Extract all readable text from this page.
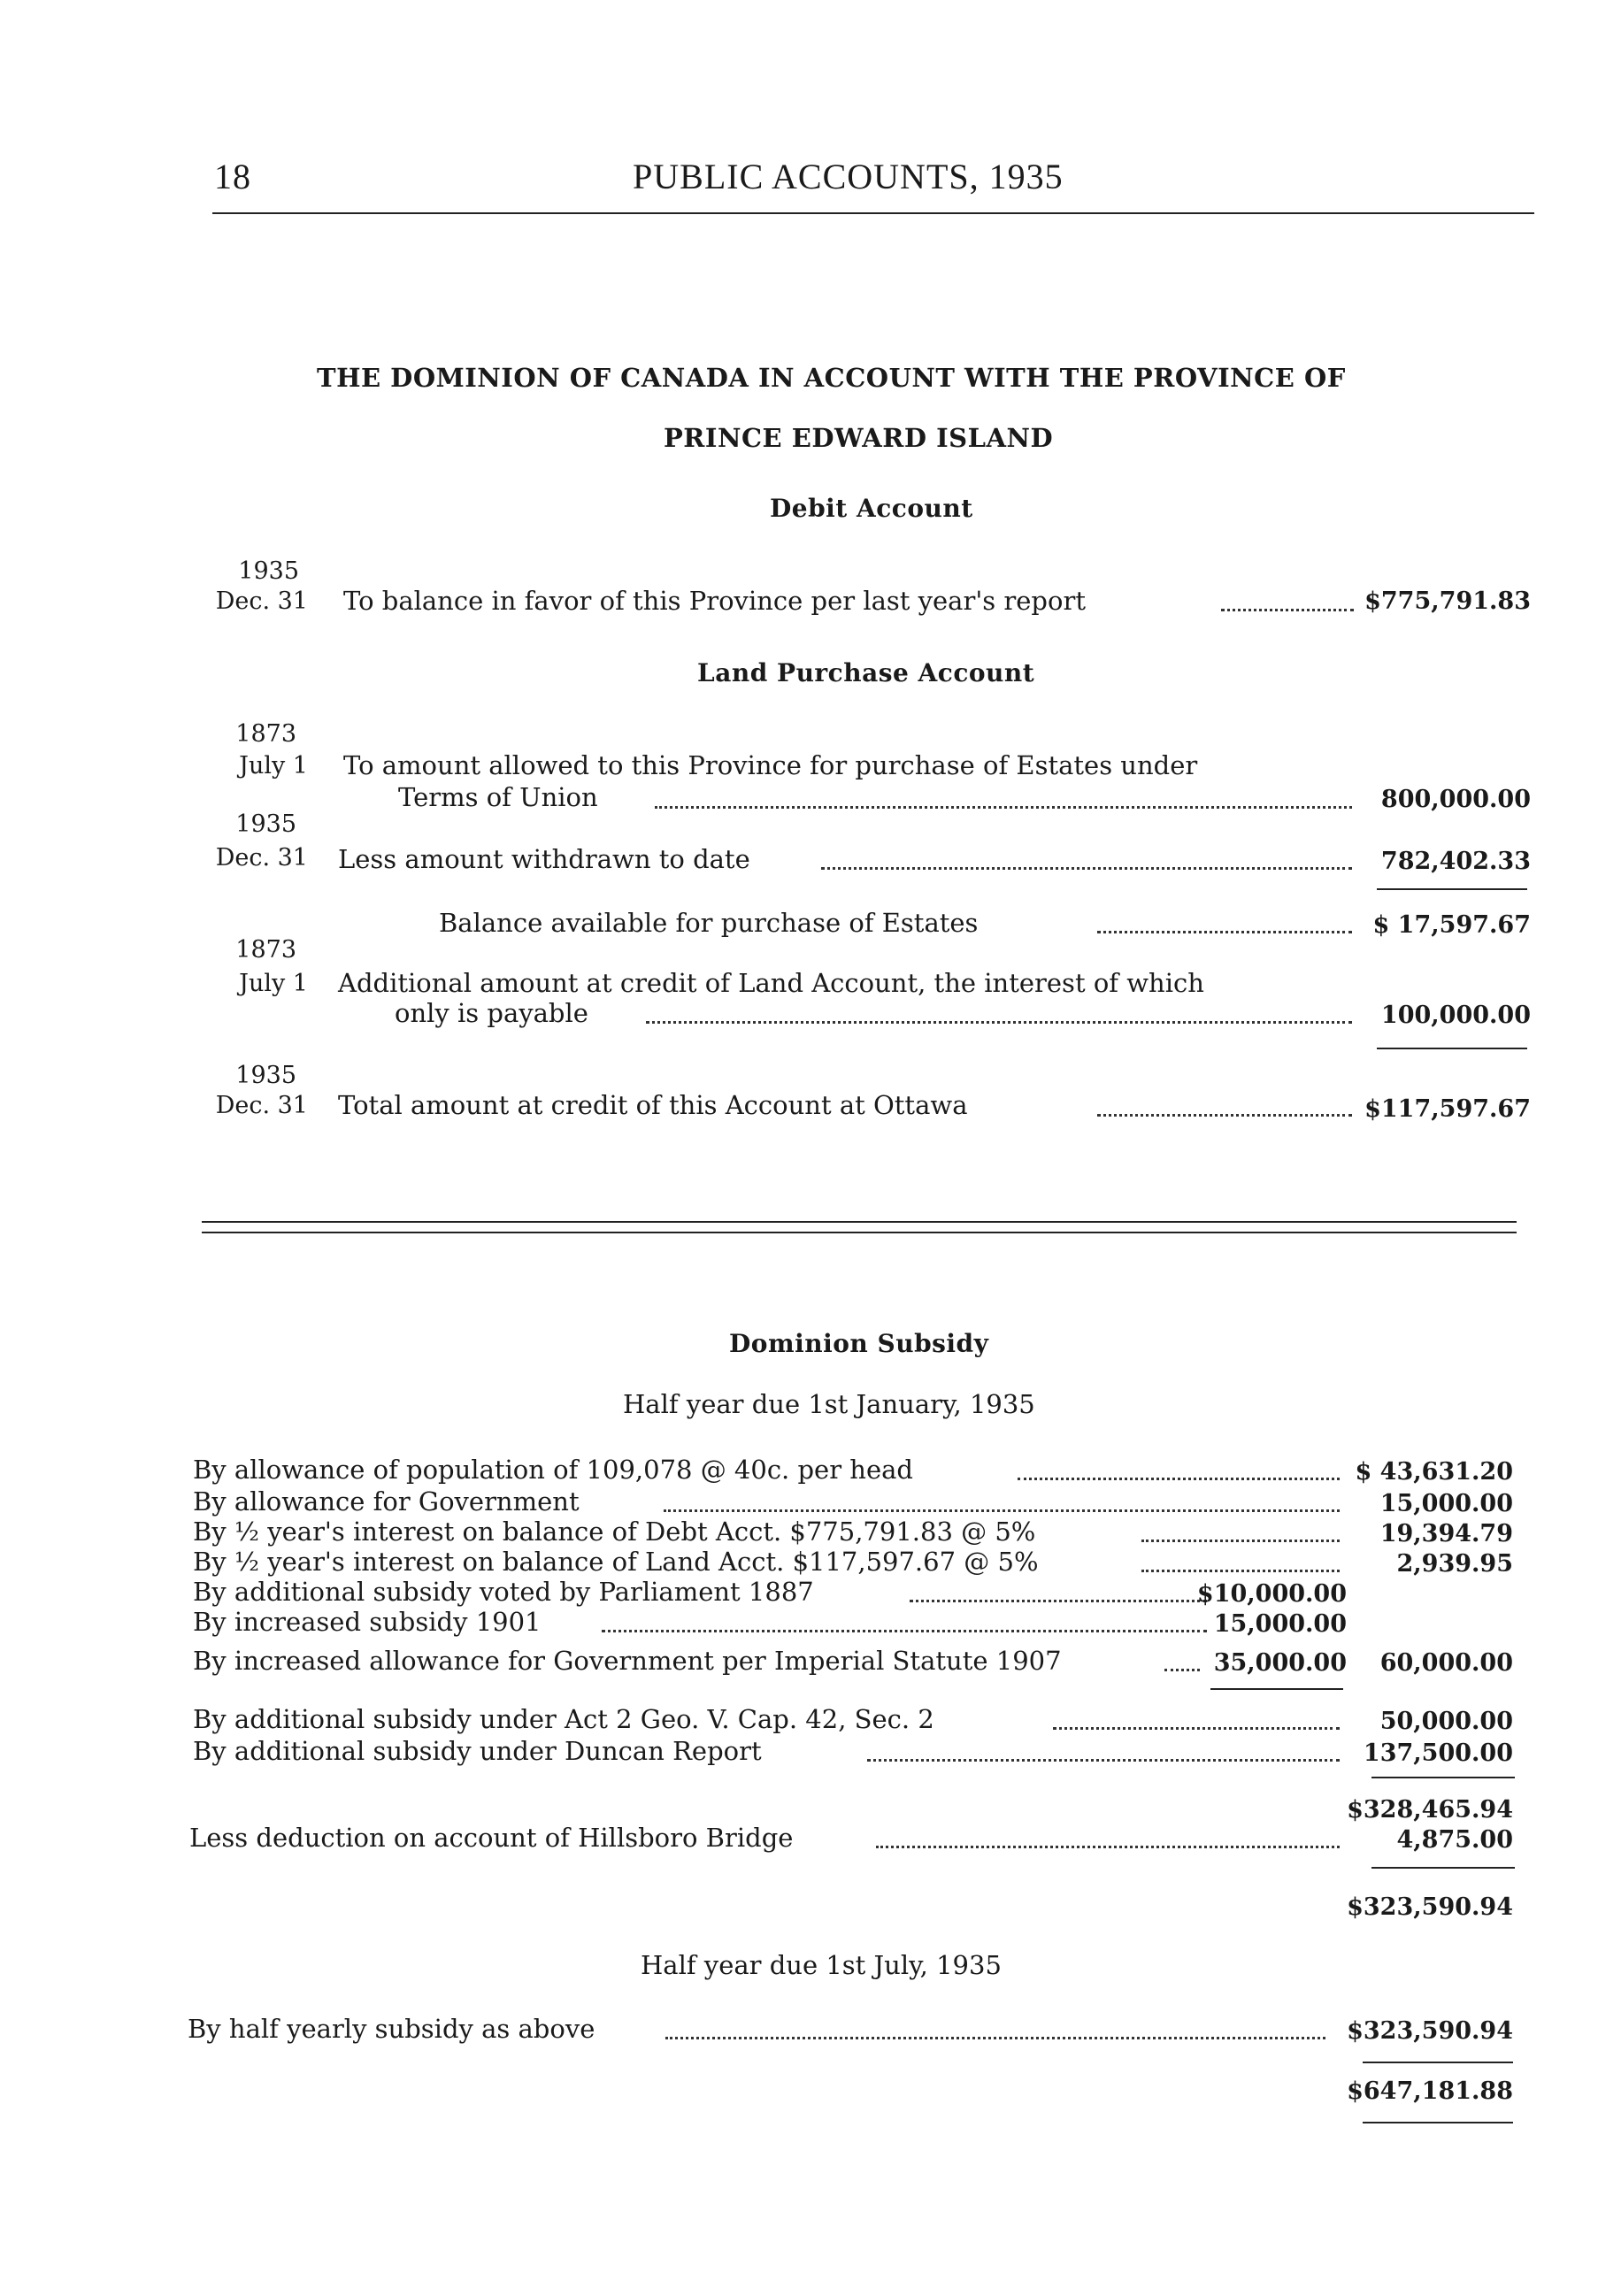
18	PUBLIC ACCOUNTS, 1935
THE DOMINION OF CANADA IN ACCOUNT WITH THE PROVINCE OF
PRINCE EDWARD ISLAND
Debit Account
1935
Dec. 31 To balance in favor of this Province per last year's report	$775,791.83
Land Purchase Account
1873
July 1 To amount allowed to this Province for purchase of Estates under
Terms of Union	800,000.00
1935
Dec. 31 Less amount withdrawn to date	782,402.33
Balance available for purchase of Estates	$ 17,597.67
1873
July 1 Additional amount at credit of Land Account, the interest of which
only is payable	100,000.00
1935
Dec. 31 Total amount at credit of this Account at Ottawa	$117,597.67
Dominion Subsidy
Half year due 1st January, 1935
By allowance of population of 109,078 @ 40c. per head	$ 43,631.20
By allowance for Government	15,000.00
By ½ year's interest on balance of Debt Acct. $775,791.83 @ 5%	19,394.79
By ½ year's interest on balance of Land Acct. $117,597.67 @ 5%	2,939.95
By additional subsidy voted by Parliament 1887	$10,000.00
By increased subsidy 1901	15,000.00
By increased allowance for Government per Imperial Statute 1907	35,000.00 60,000.00
By additional subsidy under Act 2 Geo. V. Cap. 42, Sec. 2	50,000.00
By additional subsidy under Duncan Report	137,500.00
$328,465.94
Less deduction on account of Hillsboro Bridge	4,875.00
$323,590.94
Half year due 1st July, 1935
By half yearly subsidy as above	$323,590.94
$647,181.88
